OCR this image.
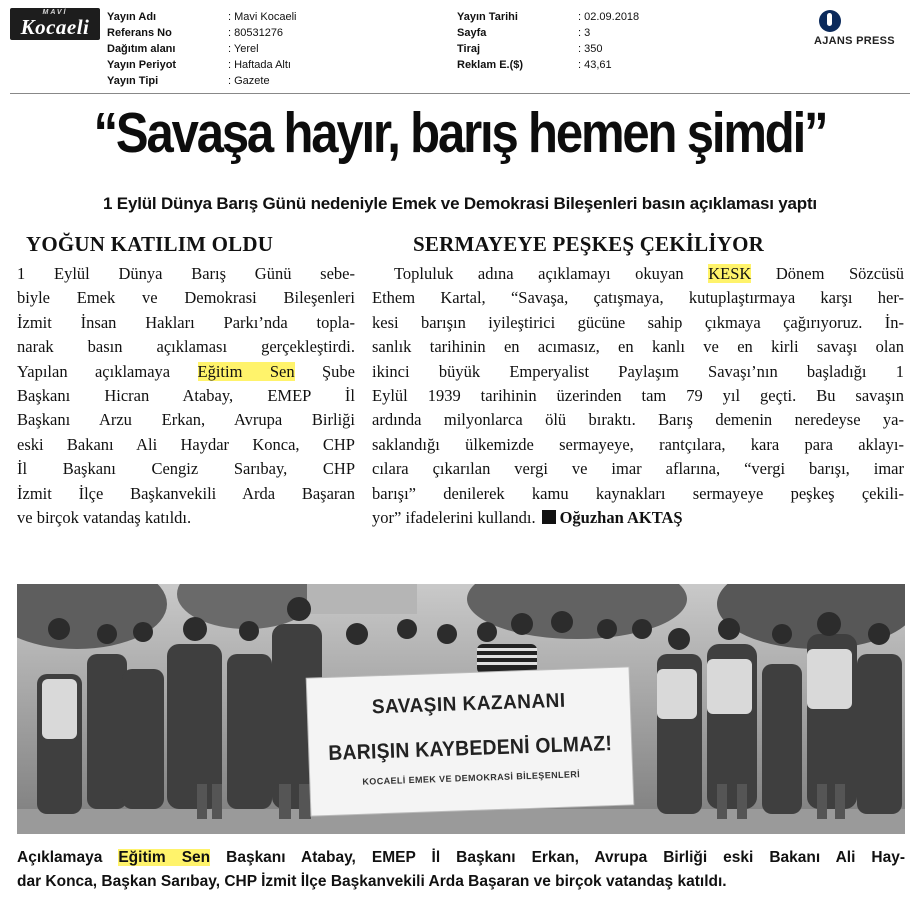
MAVİ
Kocaeli	Yayın Adı	: Mavi Kocaeli
Referans No	: 80531276
Dağıtım alanı	: Yerel
Yayın Periyot	: Haftada Altı
Yayın Tipi	: Gazete
Yayın Tarihi	: 02.09.2018
Sayfa	: 3
Tiraj	: 350
Reklam E.($)	: 43,61
AJANS PRESS
“Savaşa hayır, barış hemen şimdi”
1 Eylül Dünya Barış Günü nedeniyle Emek ve Demokrasi Bileşenleri basın açıklaması yaptı
YOĞUN KATILIM OLDU	SERMAYEYE PEŞKEŞ ÇEKİLİYOR
1 Eylül Dünya Barış Günü sebe-
biyle Emek ve Demokrasi Bileşenleri
İzmit İnsan Hakları Parkı’nda topla-
narak basın açıklaması gerçekleştirdi.
Yapılan açıklamaya Eğitim Sen Şube
Başkanı Hicran Atabay, EMEP İl
Başkanı Arzu Erkan, Avrupa Birliği
eski Bakanı Ali Haydar Konca, CHP
İl Başkanı Cengiz Sarıbay, CHP
İzmit İlçe Başkanvekili Arda Başaran
ve birçok vatandaş katıldı.
Topluluk adına açıklamayı okuyan KESK Dönem Sözcüsü
Ethem Kartal, “Savaşa, çatışmaya, kutuplaştırmaya karşı her-
kesi barışın iyileştirici gücüne sahip çıkmaya çağırıyoruz. İn-
sanlık tarihinin en acımasız, en kanlı ve en kirli savaşı olan
ikinci büyük Emperyalist Paylaşım Savaşı’nın başladığı 1
Eylül 1939 tarihinin üzerinden tam 79 yıl geçti. Bu savaşın
ardında milyonlarca ölü bıraktı. Barış demenin neredeyse ya-
saklandığı ülkemizde sermayeye, rantçılara, kara para aklayı-
cılara çıkarılan vergi ve imar aflarına, “vergi barışı, imar
barışı” denilerek kamu kaynakları sermayeye peşkeş çekili-
yor” ifadelerini kullandı. Oğuzhan AKTAŞ
SAVAŞIN KAZANANI
BARIŞIN KAYBEDENİ OLMAZ!
KOCAELİ EMEK VE DEMOKRASİ BİLEŞENLERİ
Açıklamaya Eğitim Sen Başkanı Atabay, EMEP İl Başkanı Erkan, Avrupa Birliği eski Bakanı Ali Hay-
dar Konca, Başkan Sarıbay, CHP İzmit İlçe Başkanvekili Arda Başaran ve birçok vatandaş katıldı.
